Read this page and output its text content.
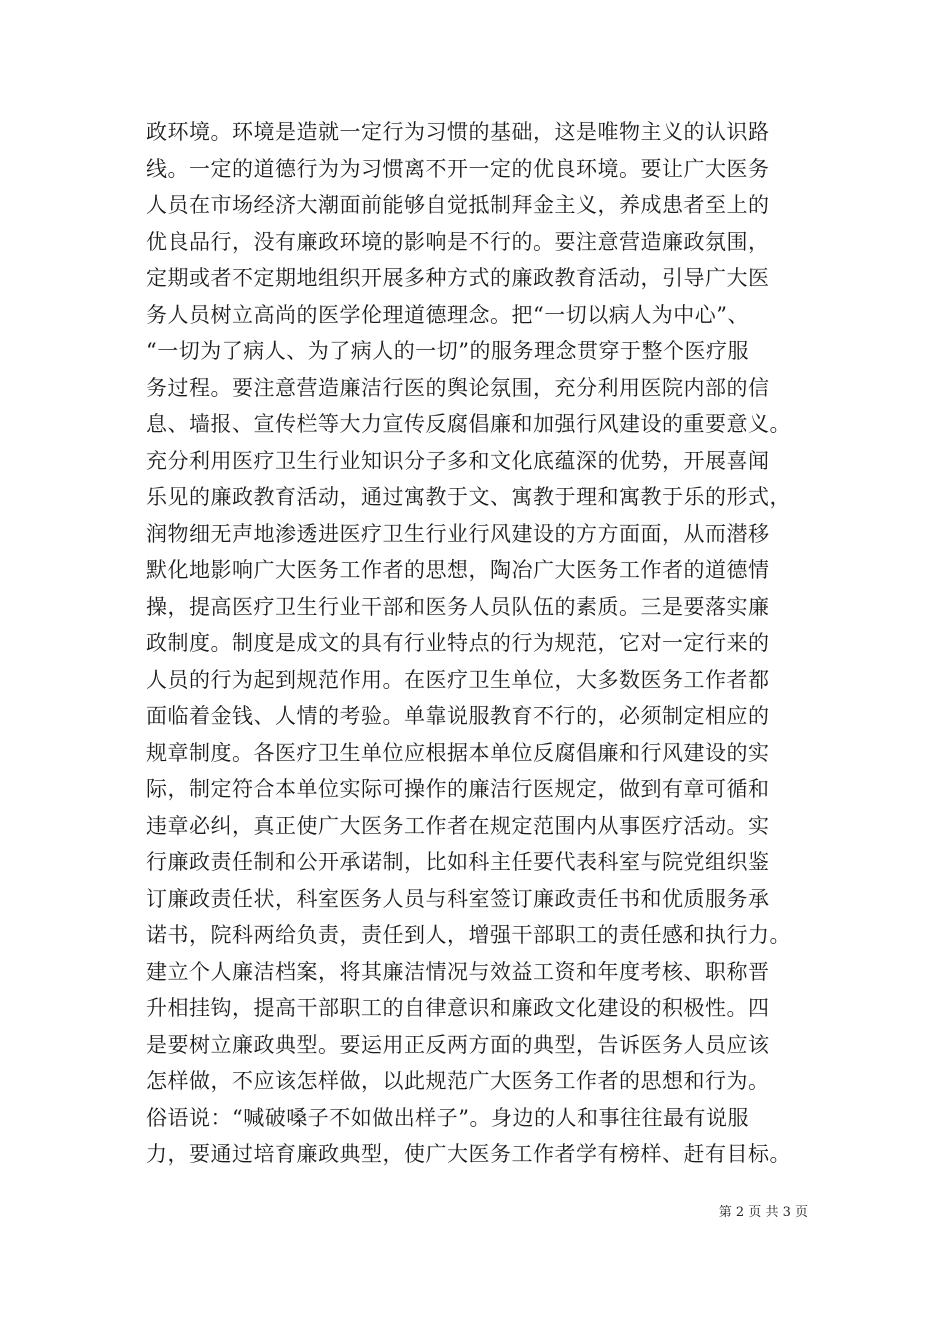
政环境。环境是造就一定行为习惯的基础，这是唯物主义的认识路
线。一定的道德行为为习惯离不开一定的优良环境。要让广大医务
人员在市场经济大潮面前能够自觉抵制拜金主义，养成患者至上的
优良品行，没有廉政环境的影响是不行的。要注意营造廉政氛围，
定期或者不定期地组织开展多种方式的廉政教育活动，引导广大医
务人员树立高尚的医学伦理道德理念。把“一切以病人为中心”、
“一切为了病人、为了病人的一切”的服务理念贯穿于整个医疗服
务过程。要注意营造廉洁行医的舆论氛围，充分利用医院内部的信
息、墙报、宣传栏等大力宣传反腐倡廉和加强行风建设的重要意义。
充分利用医疗卫生行业知识分子多和文化底蕴深的优势，开展喜闻
乐见的廉政教育活动，通过寓教于文、寓教于理和寓教于乐的形式，
润物细无声地渗透进医疗卫生行业行风建设的方方面面，从而潜移
默化地影响广大医务工作者的思想，陶冶广大医务工作者的道德情
操，提高医疗卫生行业干部和医务人员队伍的素质。三是要落实廉
政制度。制度是成文的具有行业特点的行为规范，它对一定行来的
人员的行为起到规范作用。在医疗卫生单位，大多数医务工作者都
面临着金钱、人情的考验。单靠说服教育不行的，必须制定相应的
规章制度。各医疗卫生单位应根据本单位反腐倡廉和行风建设的实
际，制定符合本单位实际可操作的廉洁行医规定，做到有章可循和
违章必纠，真正使广大医务工作者在规定范围内从事医疗活动。实
行廉政责任制和公开承诺制，比如科主任要代表科室与院党组织鉴
订廉政责任状，科室医务人员与科室签订廉政责任书和优质服务承
诺书，院科两给负责，责任到人，增强干部职工的责任感和执行力。
建立个人廉洁档案，将其廉洁情况与效益工资和年度考核、职称晋
升相挂钩，提高干部职工的自律意识和廉政文化建设的积极性。四
是要树立廉政典型。要运用正反两方面的典型，告诉医务人员应该
怎样做，不应该怎样做，以此规范广大医务工作者的思想和行为。
俗语说：“喊破嗓子不如做出样子”。身边的人和事往往最有说服
力，要通过培育廉政典型，使广大医务工作者学有榜样、赶有目标。
第 2 页 共 3 页
